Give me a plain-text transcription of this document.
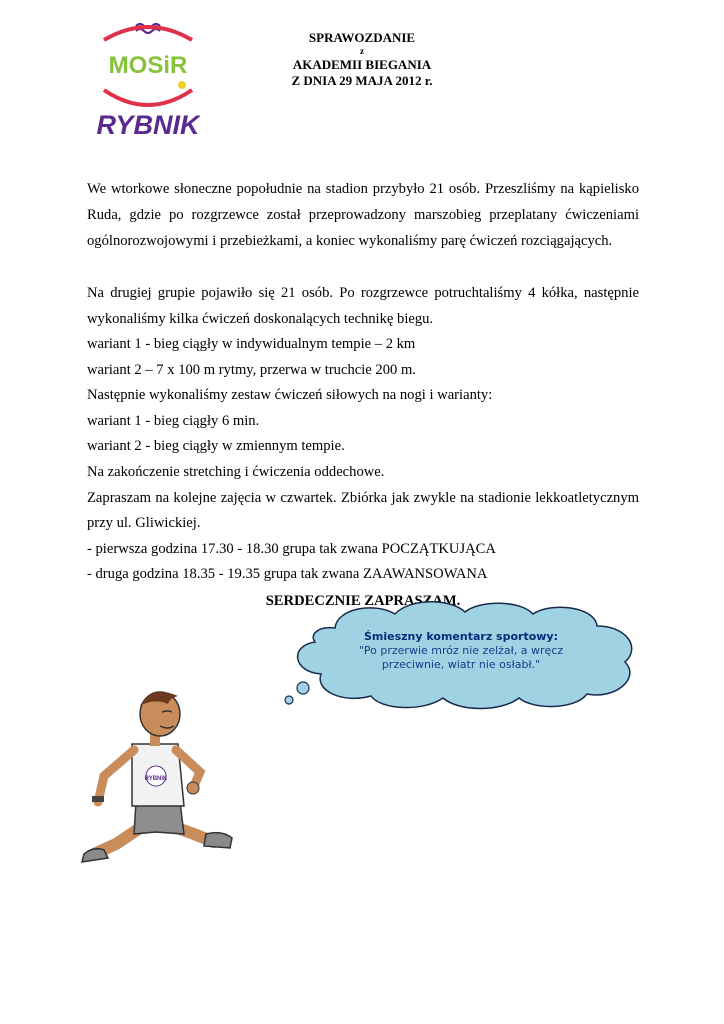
MOSiR
RYBNIK
SPRAWOZDANIE
z
AKADEMII BIEGANIA
Z DNIA 29 MAJA 2012 r.

We wtorkowe słoneczne popołudnie na stadion przybyło 21 osób. Przeszliśmy na kąpielisko Ruda, gdzie po rozgrzewce został przeprowadzony marszobieg przeplatany ćwiczeniami ogólnorozwojowymi i przebieżkami, a koniec wykonaliśmy parę ćwiczeń rozciągających.

Na drugiej grupie pojawiło się 21 osób. Po rozgrzewce potruchtaliśmy 4 kółka, następnie wykonaliśmy kilka ćwiczeń doskonalących technikę biegu.

wariant 1 - bieg ciągły w indywidualnym tempie – 2 km

wariant 2 – 7 x 100 m rytmy, przerwa w truchcie 200 m.

Następnie wykonaliśmy zestaw ćwiczeń siłowych na nogi i warianty:

wariant 1 - bieg ciągły 6 min.

wariant 2 - bieg ciągły w zmiennym tempie.

Na zakończenie stretching i ćwiczenia oddechowe.

Zapraszam na kolejne zajęcia w czwartek. Zbiórka jak zwykle na stadionie lekkoatletycznym przy ul. Gliwickiej.

- pierwsza godzina 17.30 - 18.30 grupa tak zwana POCZĄTKUJĄCA

- druga godzina 18.35 - 19.35 grupa tak zwana ZAAWANSOWANA

SERDECZNIE ZAPRASZAM.

Śmieszny komentarz sportowy:
"Po przerwie mróz nie zelżał, a wręcz przeciwnie, wiatr nie osłabł."
RYBNIK
